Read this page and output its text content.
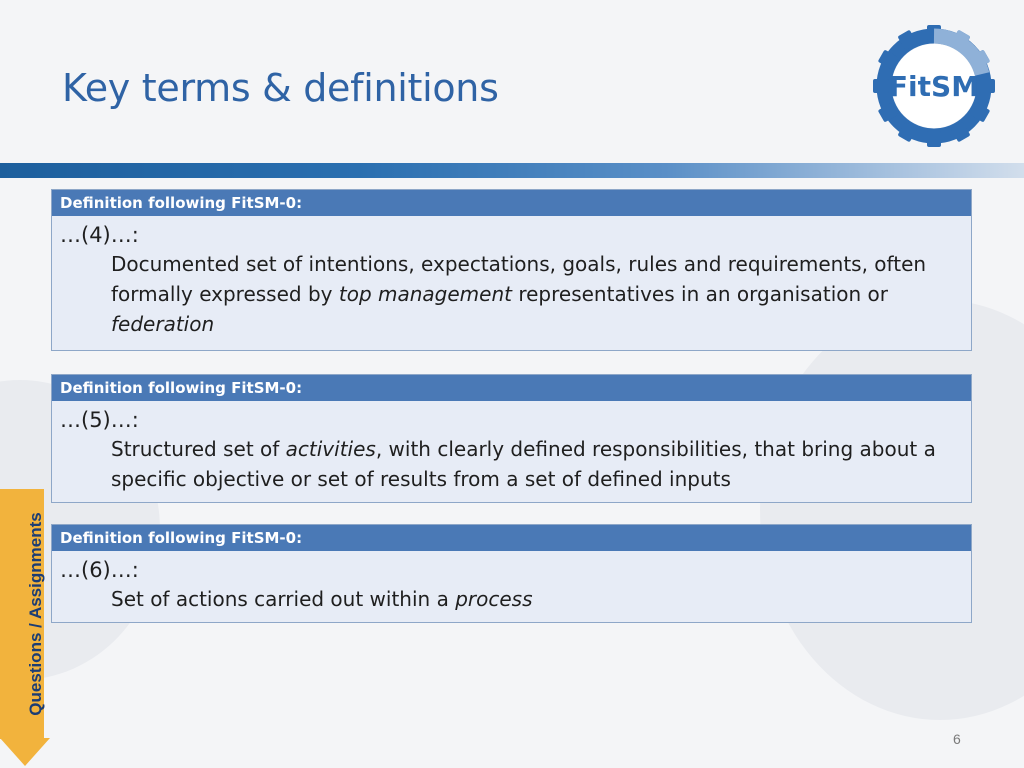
Key terms & definitions	FitSM
Definition following FitSM-0:
…(4)…:

Documented set of intentions, expectations, goals, rules and requirements, often formally expressed by top management representatives in an organisation or federation

Definition following FitSM-0:
…(5)…:

Structured set of activities, with clearly defined responsibilities, that bring about a specific objective or set of results from a set of defined inputs

Definition following FitSM-0:
…(6)…:

Set of actions carried out within a process

Questions / Assignments
6
